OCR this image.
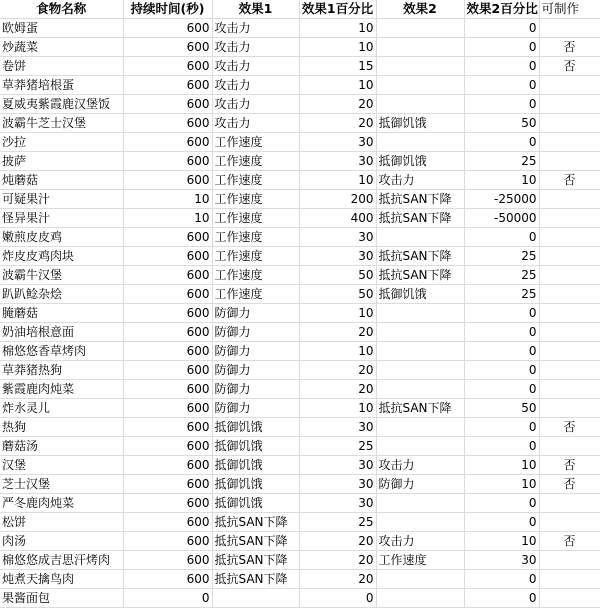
食物名称	持续时间(秒)	效果1	效果1百分比	效果2	效果2百分比	可制作
欧姆蛋	600	攻击力	10		0	
炒蔬菜	600	攻击力	10		0	否
卷饼	600	攻击力	15		0	否
草莽猪培根蛋	600	攻击力	10		0	
夏威夷紫霞鹿汉堡饭	600	攻击力	20		0	
波霸牛芝士汉堡	600	攻击力	20	抵御饥饿	50	
沙拉	600	工作速度	30		0	
披萨	600	工作速度	30	抵御饥饿	25	
炖蘑菇	600	工作速度	10	攻击力	10	否
可疑果汁	10	工作速度	200	抵抗SAN下降	-25000	
怪异果汁	10	工作速度	400	抵抗SAN下降	-50000	
嫩煎皮皮鸡	600	工作速度	30		0	
炸皮皮鸡肉块	600	工作速度	30	抵抗SAN下降	25	
波霸牛汉堡	600	工作速度	50	抵抗SAN下降	25	
趴趴鲶杂烩	600	工作速度	50	抵御饥饿	25	
腌蘑菇	600	防御力	10		0	
奶油培根意面	600	防御力	20		0	
棉悠悠香草烤肉	600	防御力	10		0	
草莽猪热狗	600	防御力	20		0	
紫霞鹿肉炖菜	600	防御力	20		0	
炸水灵儿	600	防御力	10	抵抗SAN下降	50	
热狗	600	抵御饥饿	30		0	否
蘑菇汤	600	抵御饥饿	25		0	
汉堡	600	抵御饥饿	30	攻击力	10	否
芝士汉堡	600	抵御饥饿	30	防御力	10	否
严冬鹿肉炖菜	600	抵御饥饿	30		0	
松饼	600	抵抗SAN下降	25		0	
肉汤	600	抵抗SAN下降	20	攻击力	10	否
棉悠悠成吉思汗烤肉	600	抵抗SAN下降	20	工作速度	30	
炖煮天擒鸟肉	600	抵抗SAN下降	20		0	
果酱面包	0		0		0	
